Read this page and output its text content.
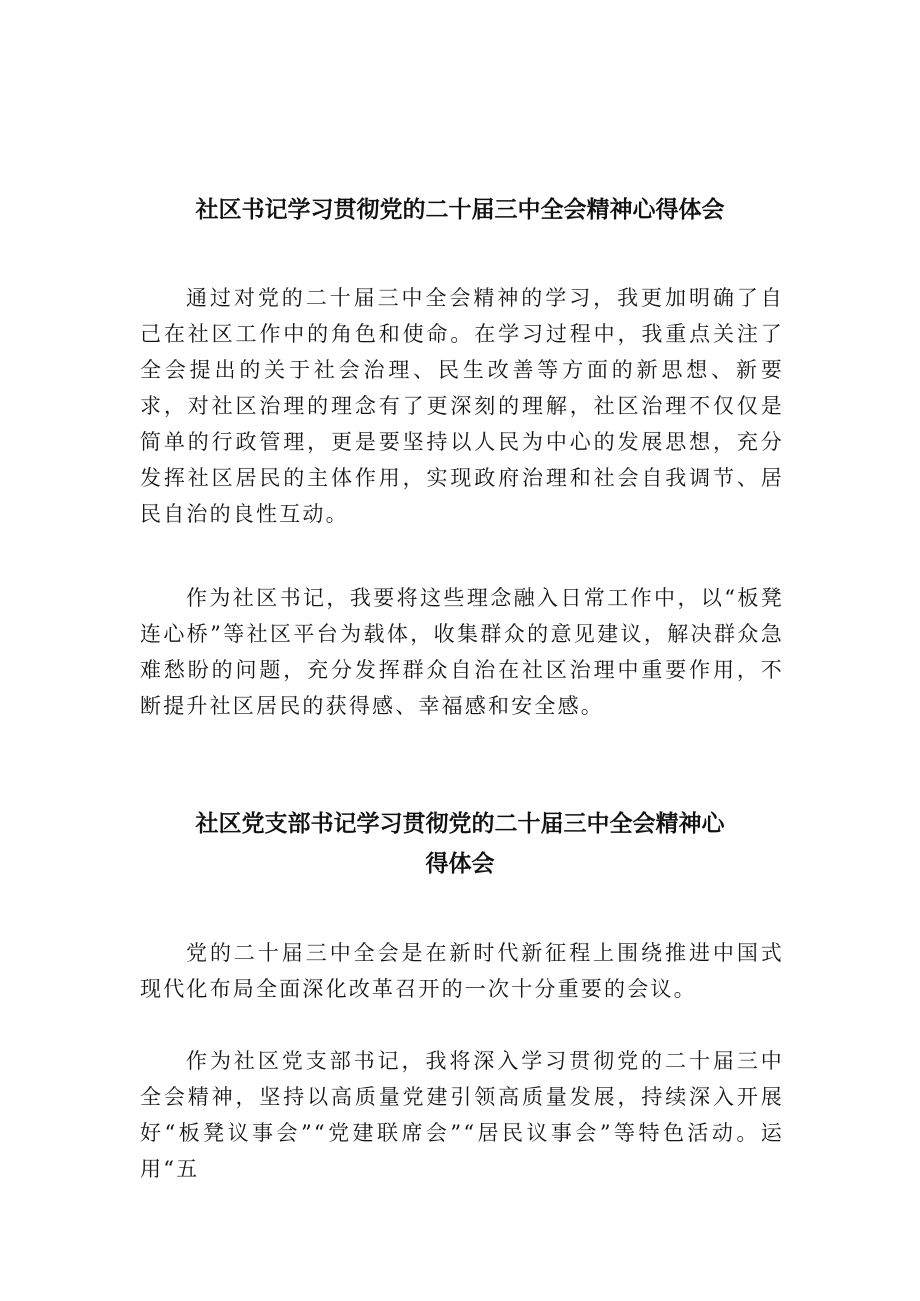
社区书记学习贯彻党的二十届三中全会精神心得体会

通过对党的二十届三中全会精神的学习，我更加明确了自己在社区工作中的角色和使命。在学习过程中，我重点关注了全会提出的关于社会治理、民生改善等方面的新思想、新要求，对社区治理的理念有了更深刻的理解，社区治理不仅仅是简单的行政管理，更是要坚持以人民为中心的发展思想，充分发挥社区居民的主体作用，实现政府治理和社会自我调节、居民自治的良性互动。

作为社区书记，我要将这些理念融入日常工作中，以“板凳连心桥”等社区平台为载体，收集群众的意见建议，解决群众急难愁盼的问题，充分发挥群众自治在社区治理中重要作用，不断提升社区居民的获得感、幸福感和安全感。

社区党支部书记学习贯彻党的二十届三中全会精神心
得体会

党的二十届三中全会是在新时代新征程上围绕推进中国式现代化布局全面深化改革召开的一次十分重要的会议。

作为社区党支部书记，我将深入学习贯彻党的二十届三中全会精神，坚持以高质量党建引领高质量发展，持续深入开展好“板凳议事会”“党建联席会”“居民议事会”等特色活动。运用“五
